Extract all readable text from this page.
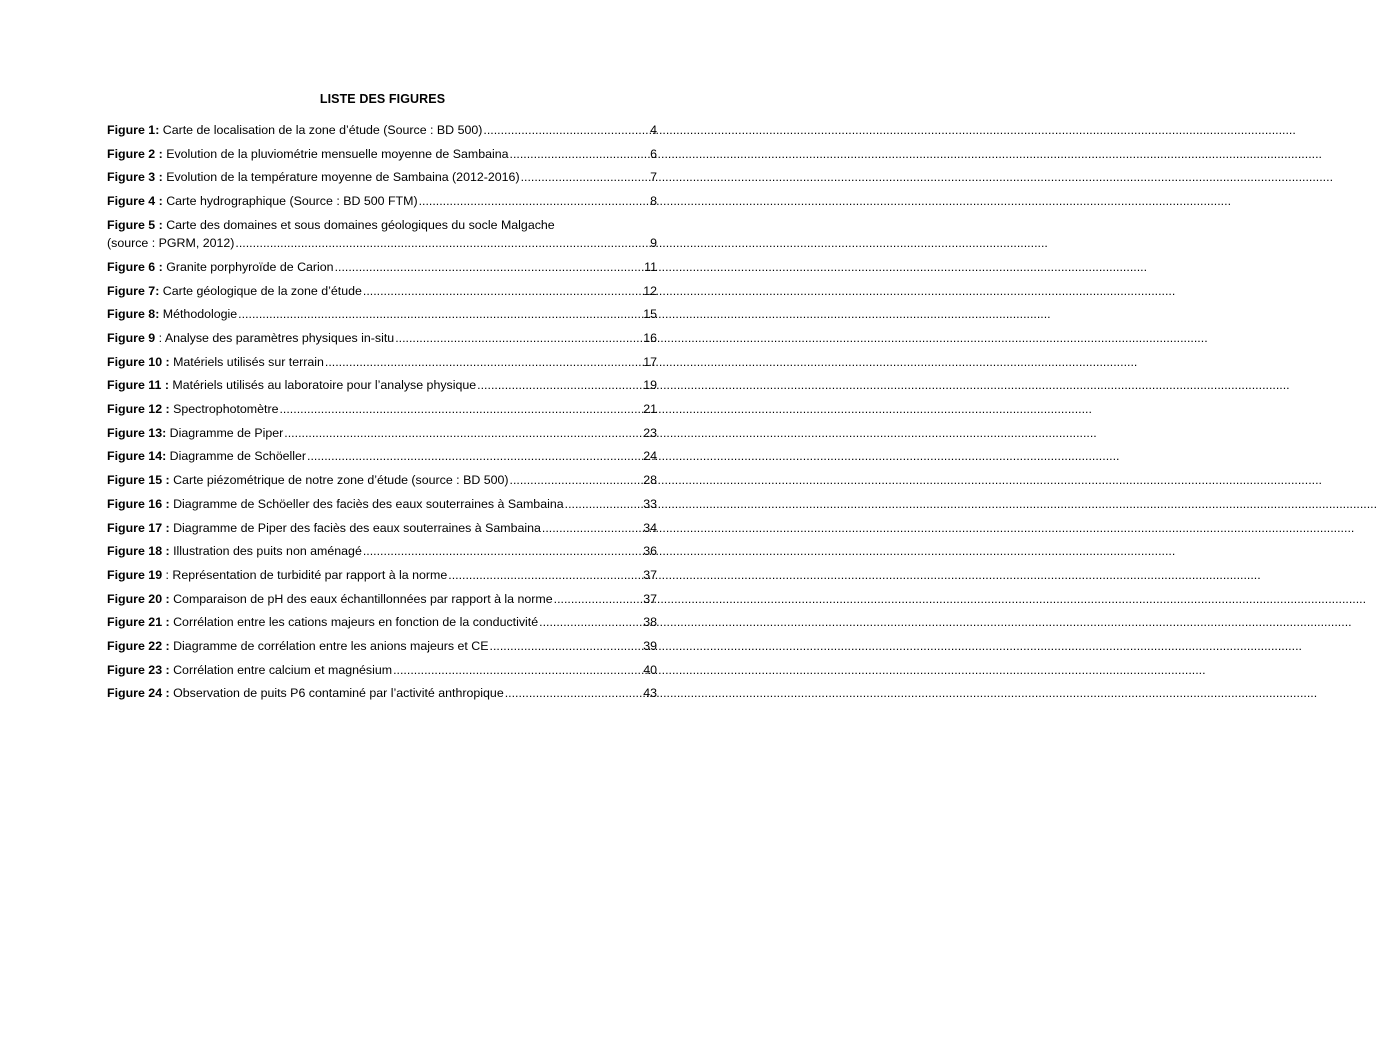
LISTE DES FIGURES
Figure 1: Carte de localisation de la zone d’étude (Source : BD 500) .....	4
Figure 2 : Evolution de la pluviométrie mensuelle moyenne de Sambaina .....	6
Figure 3 : Evolution de la température moyenne de Sambaina (2012-2016) .....	7
Figure 4 : Carte hydrographique (Source : BD 500 FTM) .....	8
Figure 5 : Carte des domaines et sous domaines géologiques du socle Malgache
(source : PGRM, 2012) .....	9
Figure 6 : Granite porphyroïde de Carion .....	11
Figure 7: Carte géologique de la zone d’étude .....	12
Figure 8: Méthodologie .....	15
Figure 9 : Analyse des paramètres physiques in-situ .....	16
Figure 10 : Matériels utilisés sur terrain .....	17
Figure 11 : Matériels utilisés au laboratoire pour l’analyse physique .....	19
Figure 12 : Spectrophotomètre .....	21
Figure 13: Diagramme de Piper .....	23
Figure 14: Diagramme de Schöeller .....	24
Figure 15 : Carte piézométrique de notre zone d’étude (source : BD 500) .....	28
Figure 16 : Diagramme de Schöeller des faciès des eaux souterraines à Sambaina .....	33
Figure 17 : Diagramme de Piper des faciès des eaux souterraines à Sambaina .....	34
Figure 18 : Illustration des puits non aménagé .....	36
Figure 19 : Représentation de turbidité par rapport à la norme .....	37
Figure 20 : Comparaison de pH des eaux échantillonnées par rapport à la norme .....	37
Figure 21 : Corrélation entre les cations majeurs en fonction de la conductivité .....	38
Figure 22 : Diagramme de corrélation entre les anions majeurs et CE .....	39
Figure 23 : Corrélation entre calcium et magnésium .....	40
Figure 24 : Observation de puits P6 contaminé par l’activité anthropique .....	43
